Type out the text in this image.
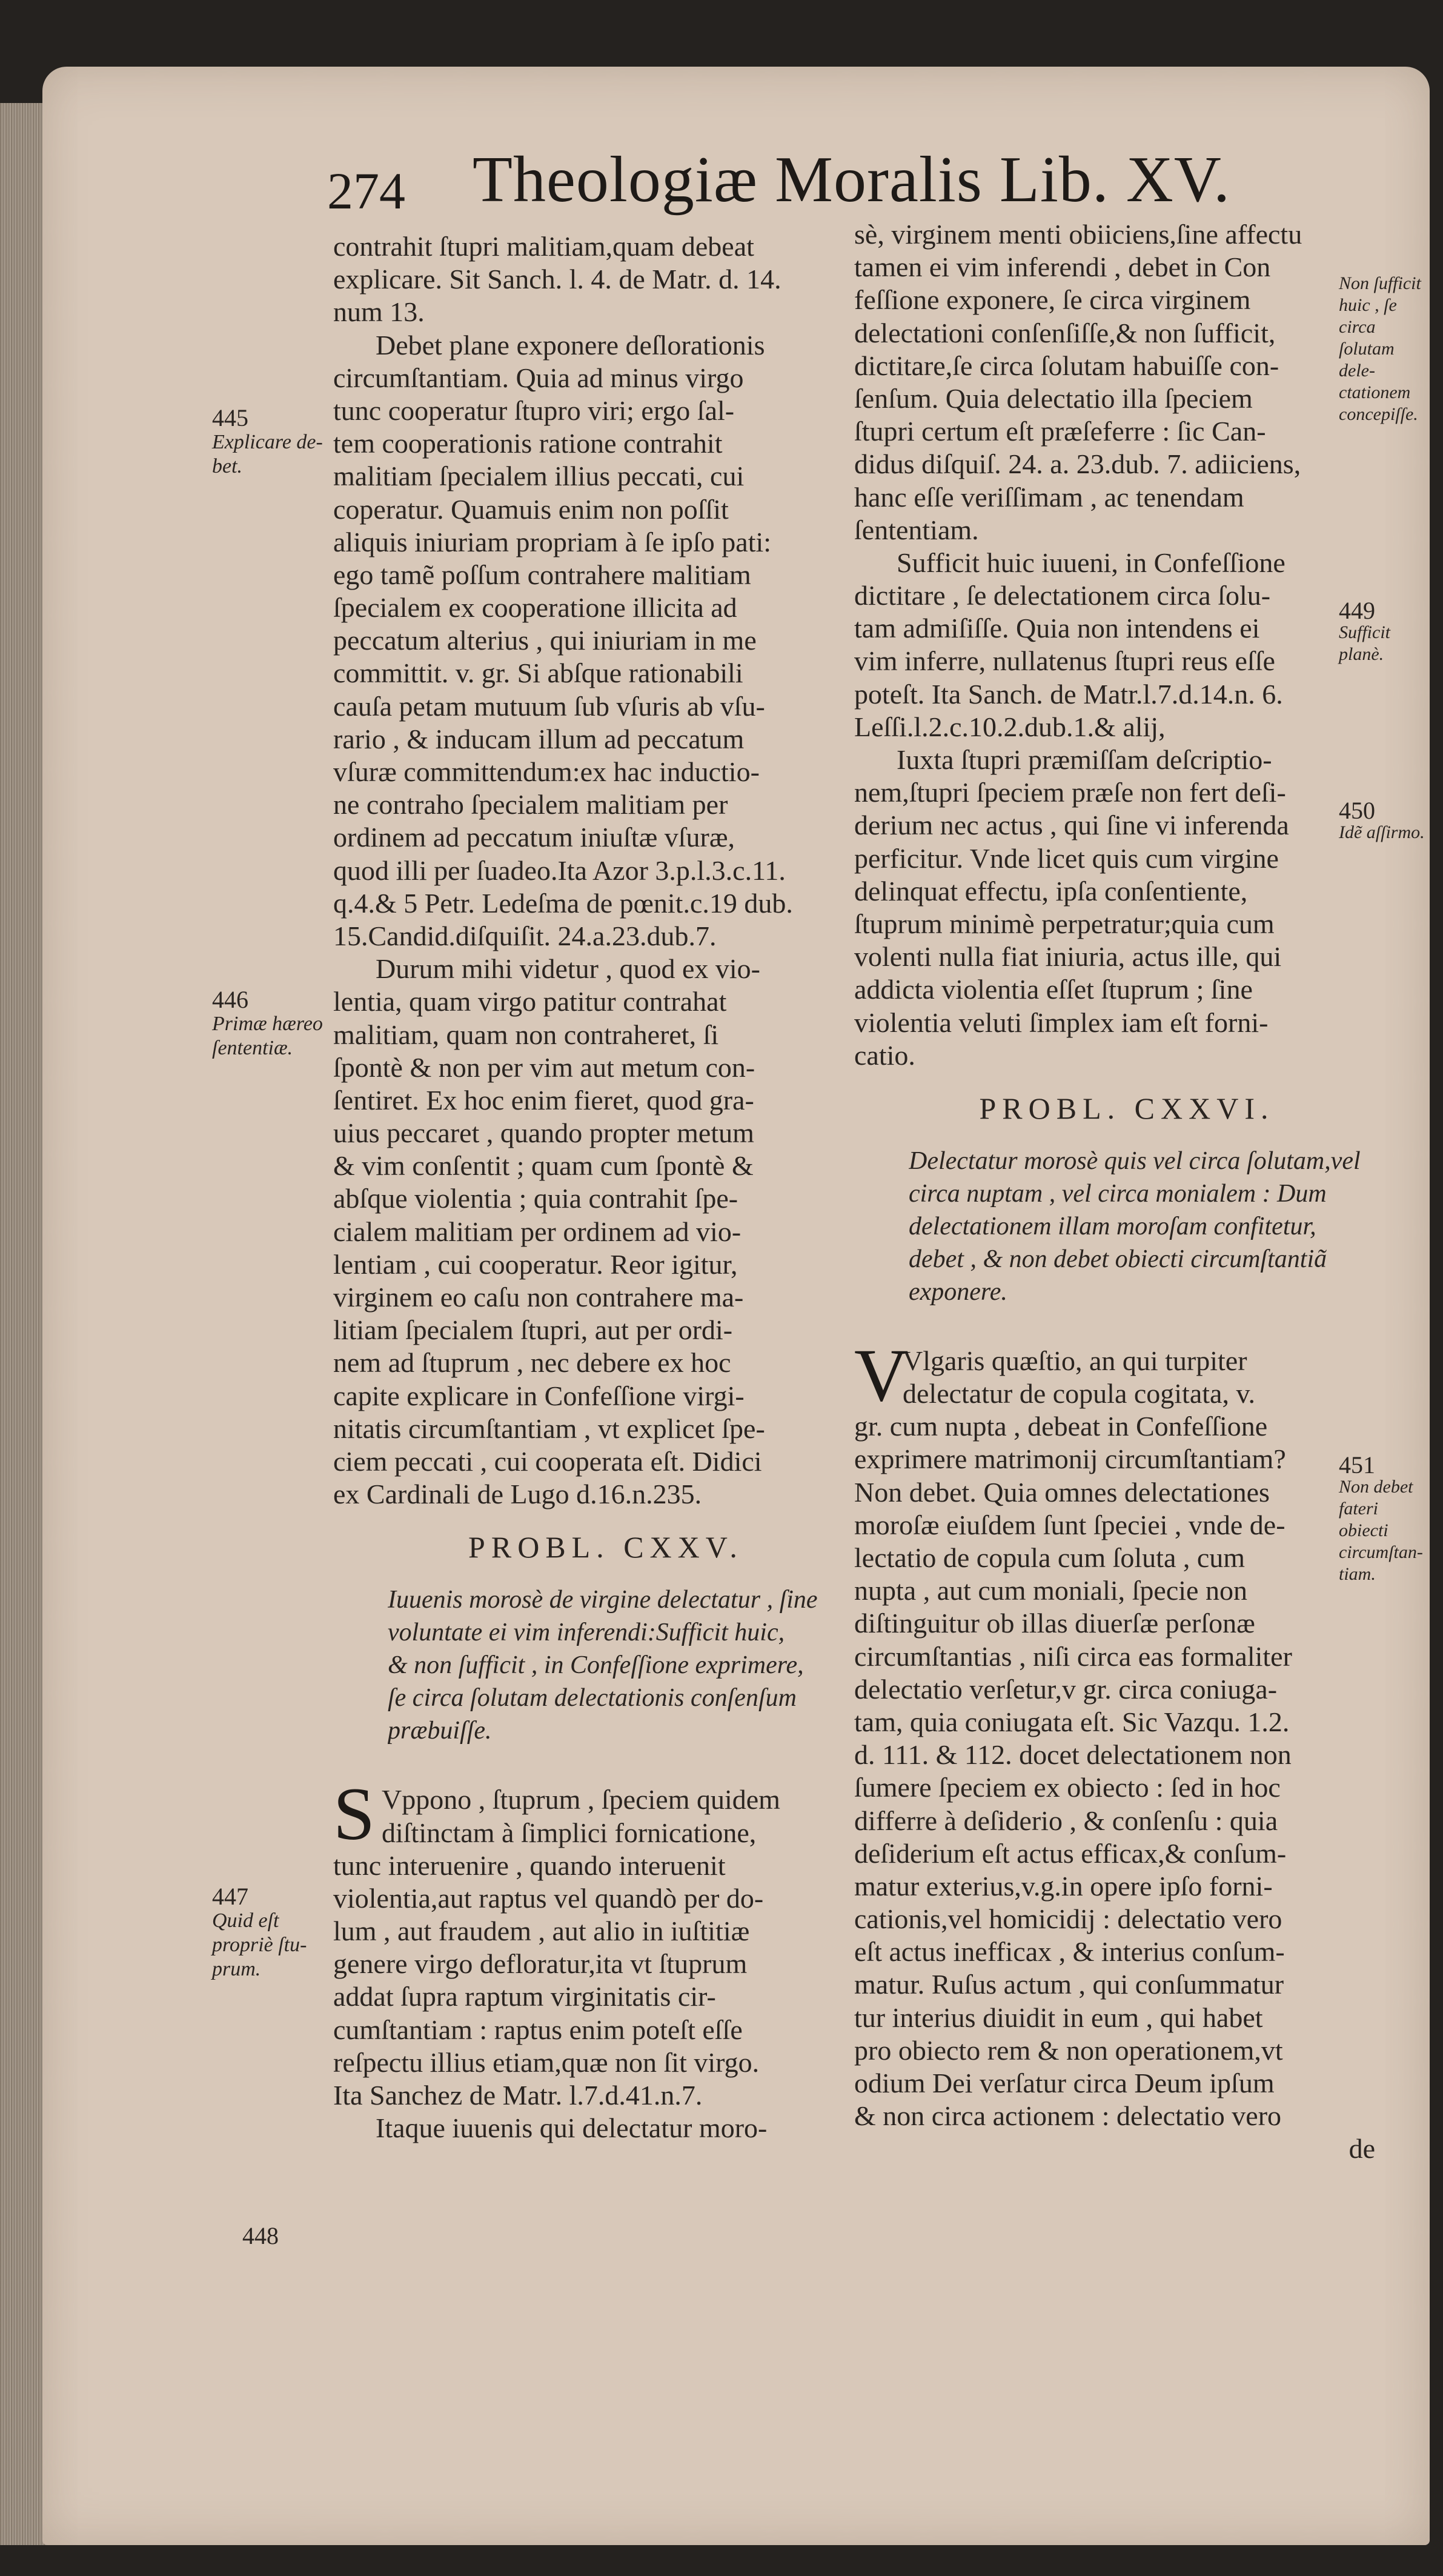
274 Theologiæ Moralis Lib. XV.
contrahit ſtupri malitiam,quam debeat
explicare. Sit Sanch. l. 4. de Matr. d. 14.
num 13.
Debet plane exponere deſlorationis
circumſtantiam. Quia ad minus virgo
tunc cooperatur ſtupro viri; ergo ſal-
tem cooperationis ratione contrahit
malitiam ſpecialem illius peccati, cui
coperatur. Quamuis enim non poſſit
aliquis iniuriam propriam à ſe ipſo pati:
ego tamẽ poſſum contrahere malitiam
ſpecialem ex cooperatione illicita ad
peccatum alterius , qui iniuriam in me
committit. v. gr. Si abſque rationabili
cauſa petam mutuum ſub vſuris ab vſu-
rario , & inducam illum ad peccatum
vſuræ committendum:ex hac inductio-
ne contraho ſpecialem malitiam per
ordinem ad peccatum iniuſtæ vſuræ,
quod illi per ſuadeo.Ita Azor 3.p.l.3.c.11.
q.4.& 5 Petr. Ledeſma de pœnit.c.19 dub.
15.Candid.diſquiſit. 24.a.23.dub.7.
Durum mihi videtur , quod ex vio-
lentia, quam virgo patitur contrahat
malitiam, quam non contraheret, ſi
ſpontè & non per vim aut metum con-
ſentiret. Ex hoc enim fieret, quod gra-
uius peccaret , quando propter metum
& vim conſentit ; quam cum ſpontè &
abſque violentia ; quia contrahit ſpe-
cialem malitiam per ordinem ad vio-
lentiam , cui cooperatur. Reor igitur,
virginem eo caſu non contrahere ma-
litiam ſpecialem ſtupri, aut per ordi-
nem ad ſtuprum , nec debere ex hoc
capite explicare in Confeſſione virgi-
nitatis circumſtantiam , vt explicet ſpe-
ciem peccati , cui cooperata eſt. Didici
ex Cardinali de Lugo d.16.n.235.
PROBL. CXXV.
Iuuenis morosè de virgine delectatur , ſine
voluntate ei vim inferendi:Sufficit huic,
& non ſufficit , in Confeſſione exprimere,
ſe circa ſolutam delectationis conſenſum
præbuiſſe.
S Vppono , ſtuprum , ſpeciem quidem
diſtinctam à ſimplici fornicatione,
tunc interuenire , quando interuenit
violentia,aut raptus vel quandò per do-
lum , aut fraudem , aut alio in iuſtitiæ
genere virgo defloratur,ita vt ſtuprum
addat ſupra raptum virginitatis cir-
cumſtantiam : raptus enim poteſt eſſe
reſpectu illius etiam,quæ non ſit virgo.
Ita Sanchez de Matr. l.7.d.41.n.7.
Itaque iuuenis qui delectatur moro-
sè, virginem menti obiiciens,ſine affectu
tamen ei vim inferendi , debet in Con
feſſione exponere, ſe circa virginem
delectationi conſenſiſſe,& non ſufficit,
dictitare,ſe circa ſolutam habuiſſe con-
ſenſum. Quia delectatio illa ſpeciem
ſtupri certum eſt præſeferre : ſic Can-
didus diſquiſ. 24. a. 23.dub. 7. adiiciens,
hanc eſſe veriſſimam , ac tenendam
ſententiam.
Sufficit huic iuueni, in Confeſſione
dictitare , ſe delectationem circa ſolu-
tam admiſiſſe. Quia non intendens ei
vim inferre, nullatenus ſtupri reus eſſe
poteſt. Ita Sanch. de Matr.l.7.d.14.n. 6.
Leſſi.l.2.c.10.2.dub.1.& alij,
Iuxta ſtupri præmiſſam deſcriptio-
nem,ſtupri ſpeciem præſe non fert deſi-
derium nec actus , qui ſine vi inferenda
perficitur. Vnde licet quis cum virgine
delinquat effectu, ipſa conſentiente,
ſtuprum minimè perpetratur;quia cum
volenti nulla fiat iniuria, actus ille, qui
addicta violentia eſſet ſtuprum ; ſine
violentia veluti ſimplex iam eſt forni-
catio.
PROBL. CXXVI.
Delectatur morosè quis vel circa ſolutam,vel
circa nuptam , vel circa monialem : Dum
delectationem illam moroſam confitetur,
debet , & non debet obiecti circumſtantiã
exponere.
V
Vlgaris quæſtio, an qui turpiter
delectatur de copula cogitata, v.
gr. cum nupta , debeat in Confeſſione
exprimere matrimonij circumſtantiam?
Non debet. Quia omnes delectationes
moroſæ eiuſdem ſunt ſpeciei , vnde de-
lectatio de copula cum ſoluta , cum
nupta , aut cum moniali, ſpecie non
diſtinguitur ob illas diuerſæ perſonæ
circumſtantias , niſi circa eas formaliter
delectatio verſetur,v gr. circa coniuga-
tam, quia coniugata eſt. Sic Vazqu. 1.2.
d. 111. & 112. docet delectationem non
ſumere ſpeciem ex obiecto : ſed in hoc
differre à deſiderio , & conſenſu : quia
deſiderium eſt actus efficax,& conſum-
matur exterius,v.g.in opere ipſo forni-
cationis,vel homicidij : delectatio vero
eſt actus inefficax , & interius conſum-
matur. Ruſus actum , qui conſummatur
tur interius diuidit in eum , qui habet
pro obiecto rem & non operationem,vt
odium Dei verſatur circa Deum ipſum
& non circa actionem : delectatio vero
de
445
Explicare de-
bet.
446
Primæ hæreo
ſententiæ.
447
Quid eſt
propriè ſtu-
prum.
448
Non ſufficit
huic , ſe circa
ſolutam dele-
ctationem
concepiſſe.
449
Sufficit planè.
450
Idẽ aſſirmo.
451
Non debet
fateri obiecti
circumſtan-
tiam.
